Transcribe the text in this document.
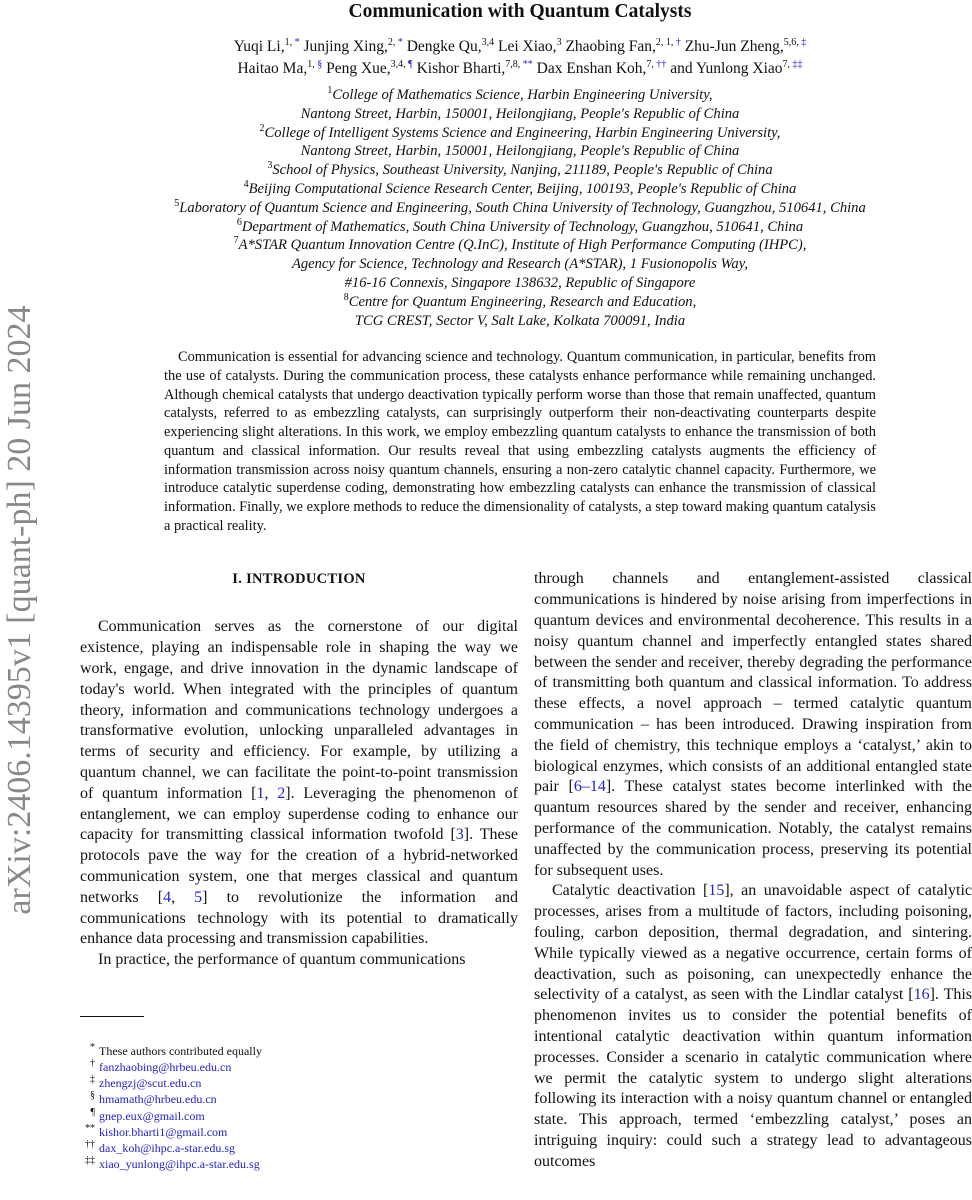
arXiv:2406.14395v1 [quant-ph] 20 Jun 2024
Communication with Quantum Catalysts
Yuqi Li,$^{1, *}$ Junjing Xing,$^{2, *}$ Dengke Qu,$^{3,4}$ Lei Xiao,$^3$ Zhaobing Fan,$^{2, 1, \dagger}$ Zhu-Jun Zheng,$^{5,6, \ddagger}$
Haitao Ma,$^{1, \S}$ Peng Xue,$^{3,4, \P}$ Kishor Bharti,$^{7,8, **}$ Dax Enshan Koh,$^{7, \dagger\dagger}$ and Yunlong Xiao$^{7, \ddagger\ddagger}$
$^1$College of Mathematics Science, Harbin Engineering University,
Nantong Street, Harbin, 150001, Heilongjiang, People's Republic of China
$^2$College of Intelligent Systems Science and Engineering, Harbin Engineering University,
Nantong Street, Harbin, 150001, Heilongjiang, People's Republic of China
$^3$School of Physics, Southeast University, Nanjing, 211189, People's Republic of China
$^4$Beijing Computational Science Research Center, Beijing, 100193, People's Republic of China
$^5$Laboratory of Quantum Science and Engineering, South China University of Technology, Guangzhou, 510641, China
$^6$Department of Mathematics, South China University of Technology, Guangzhou, 510641, China
$^7$A*STAR Quantum Innovation Centre (Q.InC), Institute of High Performance Computing (IHPC),
Agency for Science, Technology and Research (A*STAR), 1 Fusionopolis Way,
#16-16 Connexis, Singapore 138632, Republic of Singapore
$^8$Centre for Quantum Engineering, Research and Education,
TCG CREST, Sector V, Salt Lake, Kolkata 700091, India
Communication is essential for advancing science and technology. Quantum communication, in particular, benefits from the use of catalysts. During the communication process, these catalysts enhance performance while remaining unchanged. Although chemical catalysts that undergo deactivation typically perform worse than those that remain unaffected, quantum catalysts, referred to as embezzling catalysts, can surprisingly outperform their non-deactivating counterparts despite experiencing slight alterations. In this work, we employ embezzling quantum catalysts to enhance the transmission of both quantum and classical information. Our results reveal that using embezzling catalysts augments the efficiency of information transmission across noisy quantum channels, ensuring a non-zero catalytic channel capacity. Furthermore, we introduce catalytic superdense coding, demonstrating how embezzling catalysts can enhance the transmission of classical information. Finally, we explore methods to reduce the dimensionality of catalysts, a step toward making quantum catalysis a practical reality.
I. INTRODUCTION

Communication serves as the cornerstone of our digital existence, playing an indispensable role in shaping the way we work, engage, and drive innovation in the dynamic landscape of today's world. When integrated with the principles of quantum theory, information and communications technology undergoes a transformative evolution, unlocking unparalleled advantages in terms of security and efficiency. For example, by utilizing a quantum channel, we can facilitate the point-to-point transmission of quantum information [1, 2]. Leveraging the phenomenon of entanglement, we can employ superdense coding to enhance our capacity for transmitting classical information twofold [3]. These protocols pave the way for the creation of a hybrid-networked communication system, one that merges classical and quantum networks [4, 5] to revolutionize the information and communications technology with its potential to dramatically enhance data processing and transmission capabilities.

In practice, the performance of quantum communications

* These authors contributed equally
† fanzhaobing@hrbeu.edu.cn
‡ zhengzj@scut.edu.cn
§ hmamath@hrbeu.edu.cn
¶ gnep.eux@gmail.com
** kishor.bharti1@gmail.com
†† dax_koh@ihpc.a-star.edu.sg
‡‡ xiao_yunlong@ihpc.a-star.edu.sg

through channels and entanglement-assisted classical communications is hindered by noise arising from imperfections in quantum devices and environmental decoherence. This results in a noisy quantum channel and imperfectly entangled states shared between the sender and receiver, thereby degrading the performance of transmitting both quantum and classical information. To address these effects, a novel approach – termed catalytic quantum communication – has been introduced. Drawing inspiration from the field of chemistry, this technique employs a ‘catalyst,’ akin to biological enzymes, which consists of an additional entangled state pair [6–14]. These catalyst states become interlinked with the quantum resources shared by the sender and receiver, enhancing performance of the communication. Notably, the catalyst remains unaffected by the communication process, preserving its potential for subsequent uses.

Catalytic deactivation [15], an unavoidable aspect of catalytic processes, arises from a multitude of factors, including poisoning, fouling, carbon deposition, thermal degradation, and sintering. While typically viewed as a negative occurrence, certain forms of deactivation, such as poisoning, can unexpectedly enhance the selectivity of a catalyst, as seen with the Lindlar catalyst [16]. This phenomenon invites us to consider the potential benefits of intentional catalytic deactivation within quantum information processes. Consider a scenario in catalytic communication where we permit the catalytic system to undergo slight alterations following its interaction with a noisy quantum channel or entangled state. This approach, termed ‘embezzling catalyst,’ poses an intriguing inquiry: could such a strategy lead to advantageous outcomes
